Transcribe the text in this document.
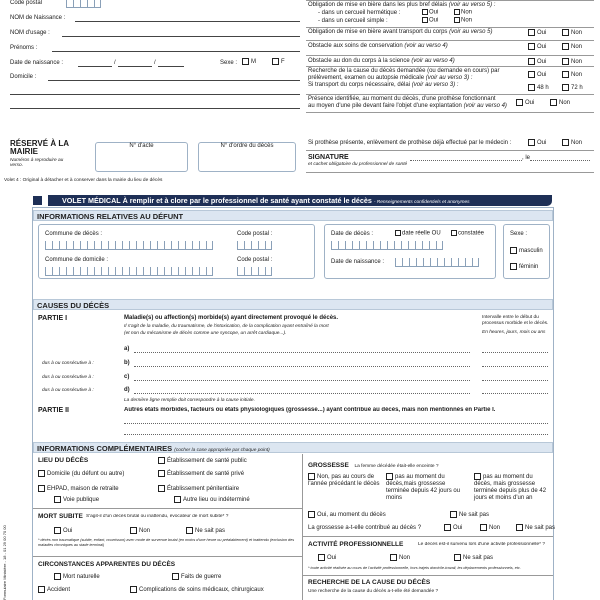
Code postal
NOM de Naissance :
NOM d'usage :
Prénoms :
Date de naissance :	/	/	Sexe :	M	F
Domicile :
RÉSERVÉ À LA MAIRIE
Numéros à reproduire au verso.
N° d'acte	N° d'ordre du décès
Volet 4 : Original à détacher et à conserver dans la mairie du lieu de décès
Obligation de mise en bière dans les plus bref délais (voir au verso 5) :
- dans un cercueil hermétique :	Oui	Non
- dans un cercueil simple :	Oui	Non
Obligation de mise en bière avant transport du corps (voir au verso 5)	Oui	Non
Obstacle aux soins de conservation (voir au verso 4)	Oui	Non
Obstacle au don du corps à la science (voir au verso 4)	Oui	Non
Recherche de la cause du décès demandée (ou demande en cours) par
prélèvement, examen ou autopsie médicale (voir au verso 3) :
Si transport du corps nécessaire, délai (voir au verso 3) :
Oui	Non
48 h	72 h
Présence identifiée, au moment du décès, d'une prothèse fonctionnant
au moyen d'une pile devant faire l'objet d'une explantation (voir au verso 4)	Oui	Non
Si prothèse présente, enlèvement de prothèse déjà effectué par le médecin :	Oui	Non
SIGNATURE
et cachet obligatoire du professionnel de santé
, le
VOLET MÉDICAL À remplir et à clore par le professionnel de santé ayant constaté le décès - Renseignements confidentiels et anonymes
INFORMATIONS RELATIVES AU DÉFUNT
Commune de décès :	Code postal :
Commune de domicile :	Code postal :
Date de décès :	date réelle OU	constatée
Date de naissance :
Sexe :
masculin
féminin
CAUSES DU DÉCÈS
PARTIE I	Maladie(s) ou affection(s) morbide(s) ayant directement provoqué le décès.
Il s'agit de la maladie, du traumatisme, de l'intoxication, de la complication ayant entraîné la mort
(et non du mécanisme de décès comme une syncope, un arrêt cardiaque...).
Intervalle entre le début du
processus morbide et le décès.
En heures, jours, mois ou ans
a)
dus à ou consécutive à :	b)
dus à ou consécutive à :	c)
dus à ou consécutive à :	d)
La dernière ligne remplie doit correspondre à la cause initiale.
PARTIE II	Autres états morbides, facteurs ou états physiologiques (grossesse...) ayant contribué au décès, mais non mentionnés en Partie I.
INFORMATIONS COMPLÉMENTAIRES (cocher la case appropriée par chaque point)
LIEU DU DÉCÈS
Domicile (du défunt ou autre)
EHPAD, maison de retraite
Voie publique
Établissement de santé public
Établissement de santé privé
Établissement pénitentiaire
Autre lieu ou indéterminé
MORT SUBITE S'agit-il d'un décès brutal ou inattendu, évocateur de mort subite* ?
Oui	Non	Ne sait pas
* décès non traumatique (subite, enfant, nourrisson) avec mode de survenue brutal (en moins d'une heure ou préalablement) et inattendu (exclusion des maladies chroniques au stade terminal)
CIRCONSTANCES APPARENTES DU DÉCÈS
Mort naturelle	Faits de guerre
Accident	Complications de soins médicaux, chirurgicaux
GROSSESSE La femme décédée était-elle enceinte ?
Non, pas au cours de l'année précédant le décès
pas au moment du décès,mais grossesse terminée depuis 42 jours ou moins
pas au moment du décès, mais grossesse terminée depuis plus de 42 jours et moins d'un an
Oui, au moment du décès	Ne sait pas
La grossesse a-t-elle contribué au décès ?	Oui	Non	Ne sait pas
ACTIVITÉ PROFESSIONNELLE	Le décès est-il survenu lors d'une activité professionnelle* ?
Oui	Non	Ne sait pas
* toute activité réalisée au cours de l'activité professionnelle, hors trajets domicile-travail, les déplacements professionnels, etc.
RECHERCHE DE LA CAUSE DU DÉCÈS
Une recherche de la cause du décès a-t-elle été demandée ?
Formulaire Ministère - 18 - 01 29 00 70 00
